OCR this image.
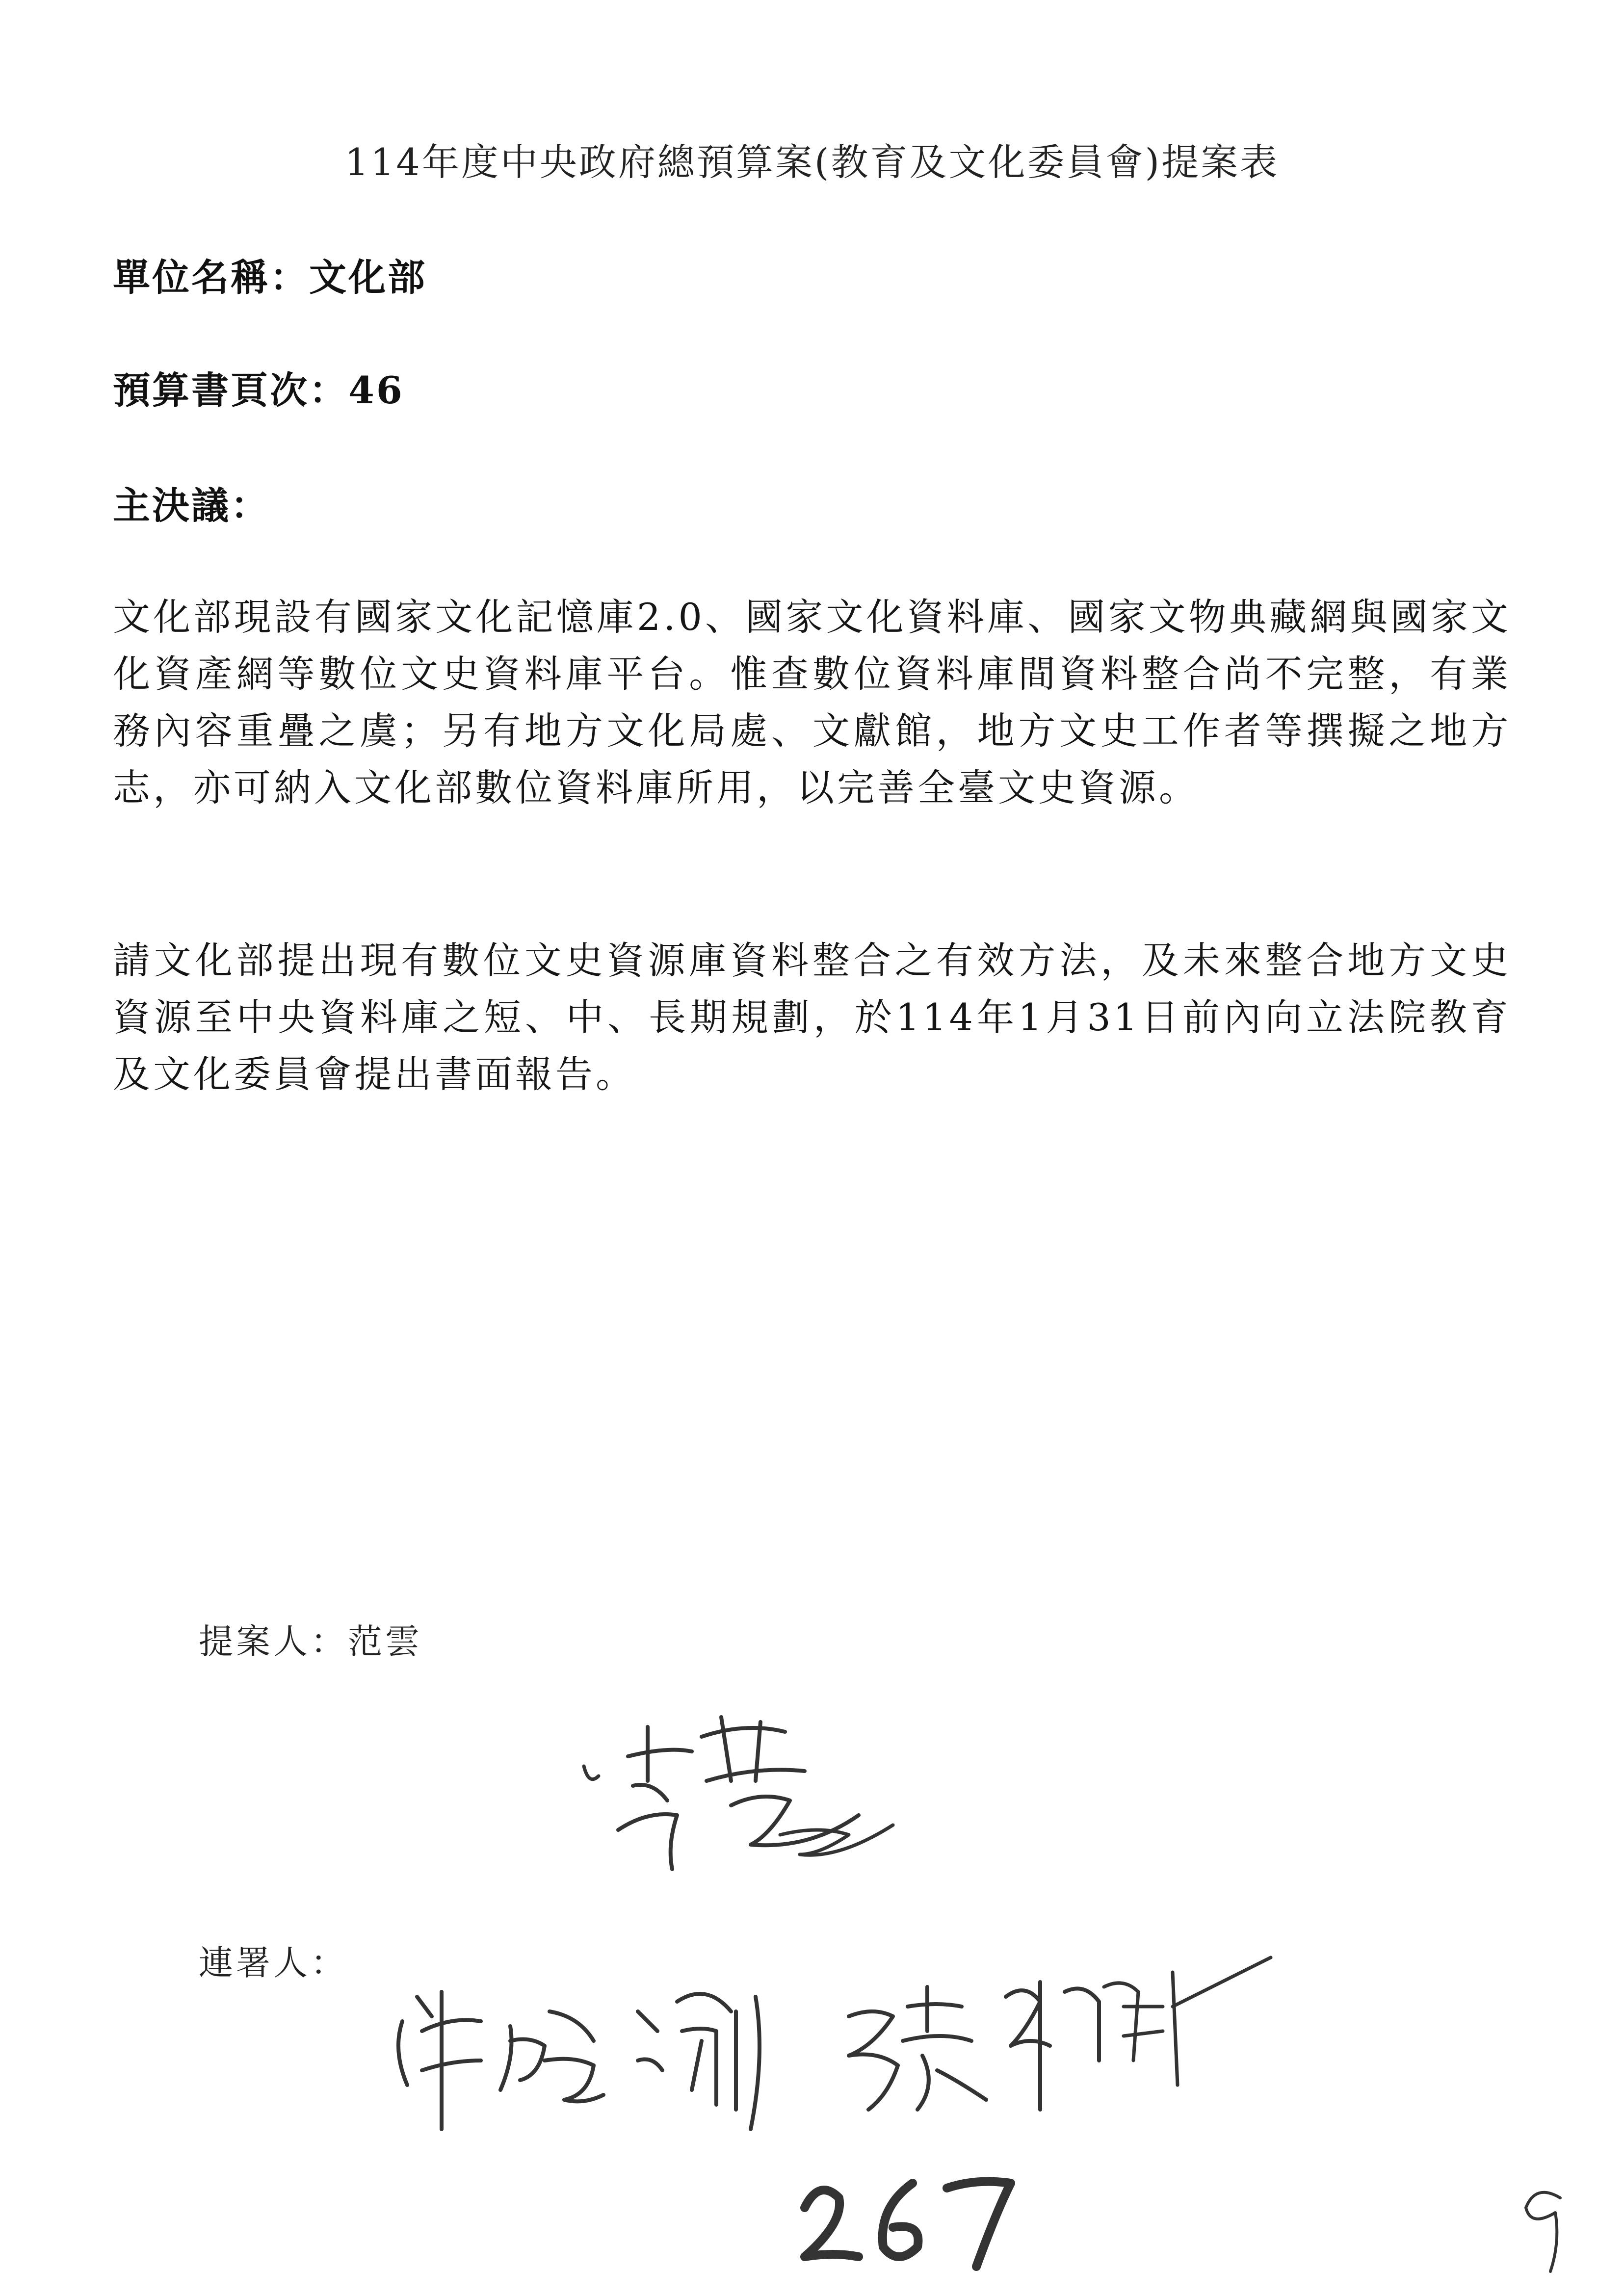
114年度中央政府總預算案(教育及文化委員會)提案表
單位名稱：文化部
預算書頁次：46
主決議：
文化部現設有國家文化記憶庫2.0、國家文化資料庫、國家文物典藏網與國家文化資產網等數位文史資料庫平台。惟查數位資料庫間資料整合尚不完整，有業務內容重疊之虞；另有地方文化局處、文獻館，地方文史工作者等撰擬之地方志，亦可納入文化部數位資料庫所用，以完善全臺文史資源。
請文化部提出現有數位文史資源庫資料整合之有效方法，及未來整合地方文史資源至中央資料庫之短、中、長期規劃，於114年1月31日前內向立法院教育及文化委員會提出書面報告。
提案人：范雲
連署人：
